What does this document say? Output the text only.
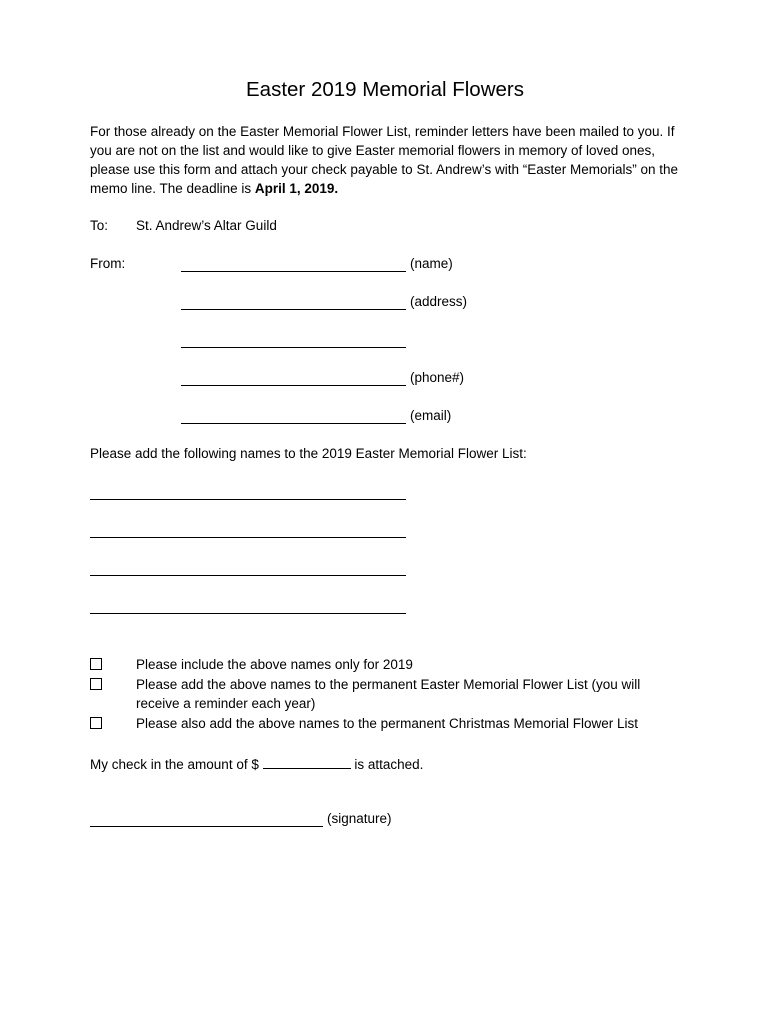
Easter 2019 Memorial Flowers
For those already on the Easter Memorial Flower List, reminder letters have been mailed to you. If you are not on the list and would like to give Easter memorial flowers in memory of loved ones, please use this form and attach your check payable to St. Andrew’s with “Easter Memorials” on the memo line. The deadline is April 1, 2019.
To: St. Andrew’s Altar Guild
From:	(name)
(address)
(phone#)
(email)
Please add the following names to the 2019 Easter Memorial Flower List:
Please include the above names only for 2019
Please add the above names to the permanent Easter Memorial Flower List (you will
receive a reminder each year)
Please also add the above names to the permanent Christmas Memorial Flower List
My check in the amount of $	is attached.
(signature)
